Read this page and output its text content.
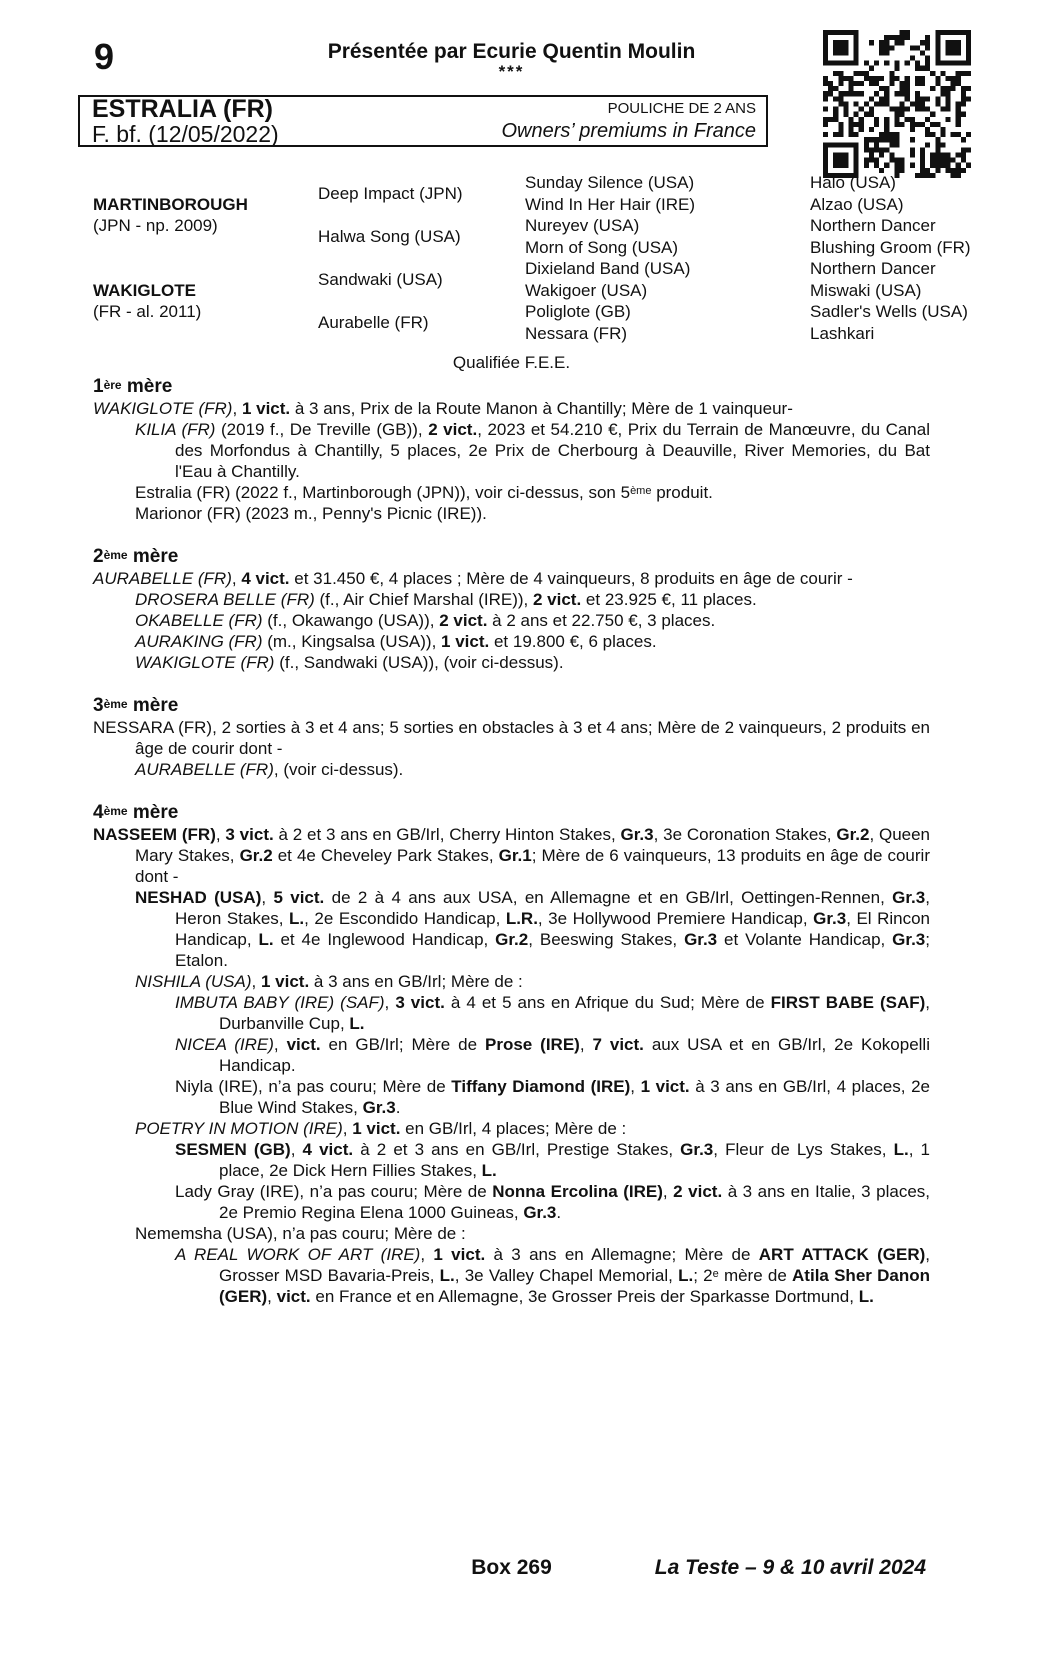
9	Présentée par Ecurie Quentin Moulin
***
ESTRALIA (FR)
F. bf. (12/05/2022)
POULICHE DE 2 ANS
Owners’ premiums in France
MARTINBOROUGH
(JPN - np. 2009)
WAKIGLOTE
(FR - al. 2011)
Deep Impact (JPN)
Halwa Song (USA)
Sandwaki (USA)
Aurabelle (FR)
Sunday Silence (USA)
Wind In Her Hair (IRE)
Nureyev (USA)
Morn of Song (USA)
Dixieland Band (USA)
Wakigoer (USA)
Poliglote (GB)
Nessara (FR)
Halo (USA)
Alzao (USA)
Northern Dancer
Blushing Groom (FR)
Northern Dancer
Miswaki (USA)
Sadler's Wells (USA)
Lashkari
Qualifiée F.E.E.
1ère mère

WAKIGLOTE (FR), 1 vict. à 3 ans, Prix de la Route Manon à Chantilly; Mère de 1 vainqueur-

KILIA (FR) (2019 f., De Treville (GB)), 2 vict., 2023 et 54.210 €, Prix du Terrain de Manœuvre, du Canal des Morfondus à Chantilly, 5 places, 2e Prix de Cherbourg à Deauville, River Memories, du Bat l'Eau à Chantilly.

Estralia (FR) (2022 f., Martinborough (JPN)), voir ci-dessus, son 5ème produit.

Marionor (FR) (2023 m., Penny's Picnic (IRE)).

2ème mère

AURABELLE (FR), 4 vict. et 31.450 €, 4 places ; Mère de 4 vainqueurs, 8 produits en âge de courir -

DROSERA BELLE (FR) (f., Air Chief Marshal (IRE)), 2 vict. et 23.925 €, 11 places.

OKABELLE (FR) (f., Okawango (USA)), 2 vict. à 2 ans et 22.750 €, 3 places.

AURAKING (FR) (m., Kingsalsa (USA)), 1 vict. et 19.800 €, 6 places.

WAKIGLOTE (FR) (f., Sandwaki (USA)), (voir ci-dessus).

3ème mère

NESSARA (FR), 2 sorties à 3 et 4 ans; 5 sorties en obstacles à 3 et 4 ans; Mère de 2 vainqueurs, 2 produits en âge de courir dont -

AURABELLE (FR), (voir ci-dessus).

4ème mère

NASSEEM (FR), 3 vict. à 2 et 3 ans en GB/Irl, Cherry Hinton Stakes, Gr.3, 3e Coronation Stakes, Gr.2, Queen Mary Stakes, Gr.2 et 4e Cheveley Park Stakes, Gr.1; Mère de 6 vainqueurs, 13 produits en âge de courir dont -

NESHAD (USA), 5 vict. de 2 à 4 ans aux USA, en Allemagne et en GB/Irl, Oettingen-Rennen, Gr.3, Heron Stakes, L., 2e Escondido Handicap, L.R., 3e Hollywood Premiere Handicap, Gr.3, El Rincon Handicap, L. et 4e Inglewood Handicap, Gr.2, Beeswing Stakes, Gr.3 et Volante Handicap, Gr.3; Etalon.

NISHILA (USA), 1 vict. à 3 ans en GB/Irl; Mère de :

IMBUTA BABY (IRE) (SAF), 3 vict. à 4 et 5 ans en Afrique du Sud; Mère de FIRST BABE (SAF), Durbanville Cup, L.

NICEA (IRE), vict. en GB/Irl; Mère de Prose (IRE), 7 vict. aux USA et en GB/Irl, 2e Kokopelli Handicap.

Niyla (IRE), n’a pas couru; Mère de Tiffany Diamond (IRE), 1 vict. à 3 ans en GB/Irl, 4 places, 2e Blue Wind Stakes, Gr.3.

POETRY IN MOTION (IRE), 1 vict. en GB/Irl, 4 places; Mère de :

SESMEN (GB), 4 vict. à 2 et 3 ans en GB/Irl, Prestige Stakes, Gr.3, Fleur de Lys Stakes, L., 1 place, 2e Dick Hern Fillies Stakes, L.

Lady Gray (IRE), n’a pas couru; Mère de Nonna Ercolina (IRE), 2 vict. à 3 ans en Italie, 3 places, 2e Premio Regina Elena 1000 Guineas, Gr.3.

Nememsha (USA), n’a pas couru; Mère de :

A REAL WORK OF ART (IRE), 1 vict. à 3 ans en Allemagne; Mère de ART ATTACK (GER), Grosser MSD Bavaria-Preis, L., 3e Valley Chapel Memorial, L.; 2e mère de Atila Sher Danon (GER), vict. en France et en Allemagne, 3e Grosser Preis der Sparkasse Dortmund, L.

Box 269	La Teste – 9 & 10 avril 2024
